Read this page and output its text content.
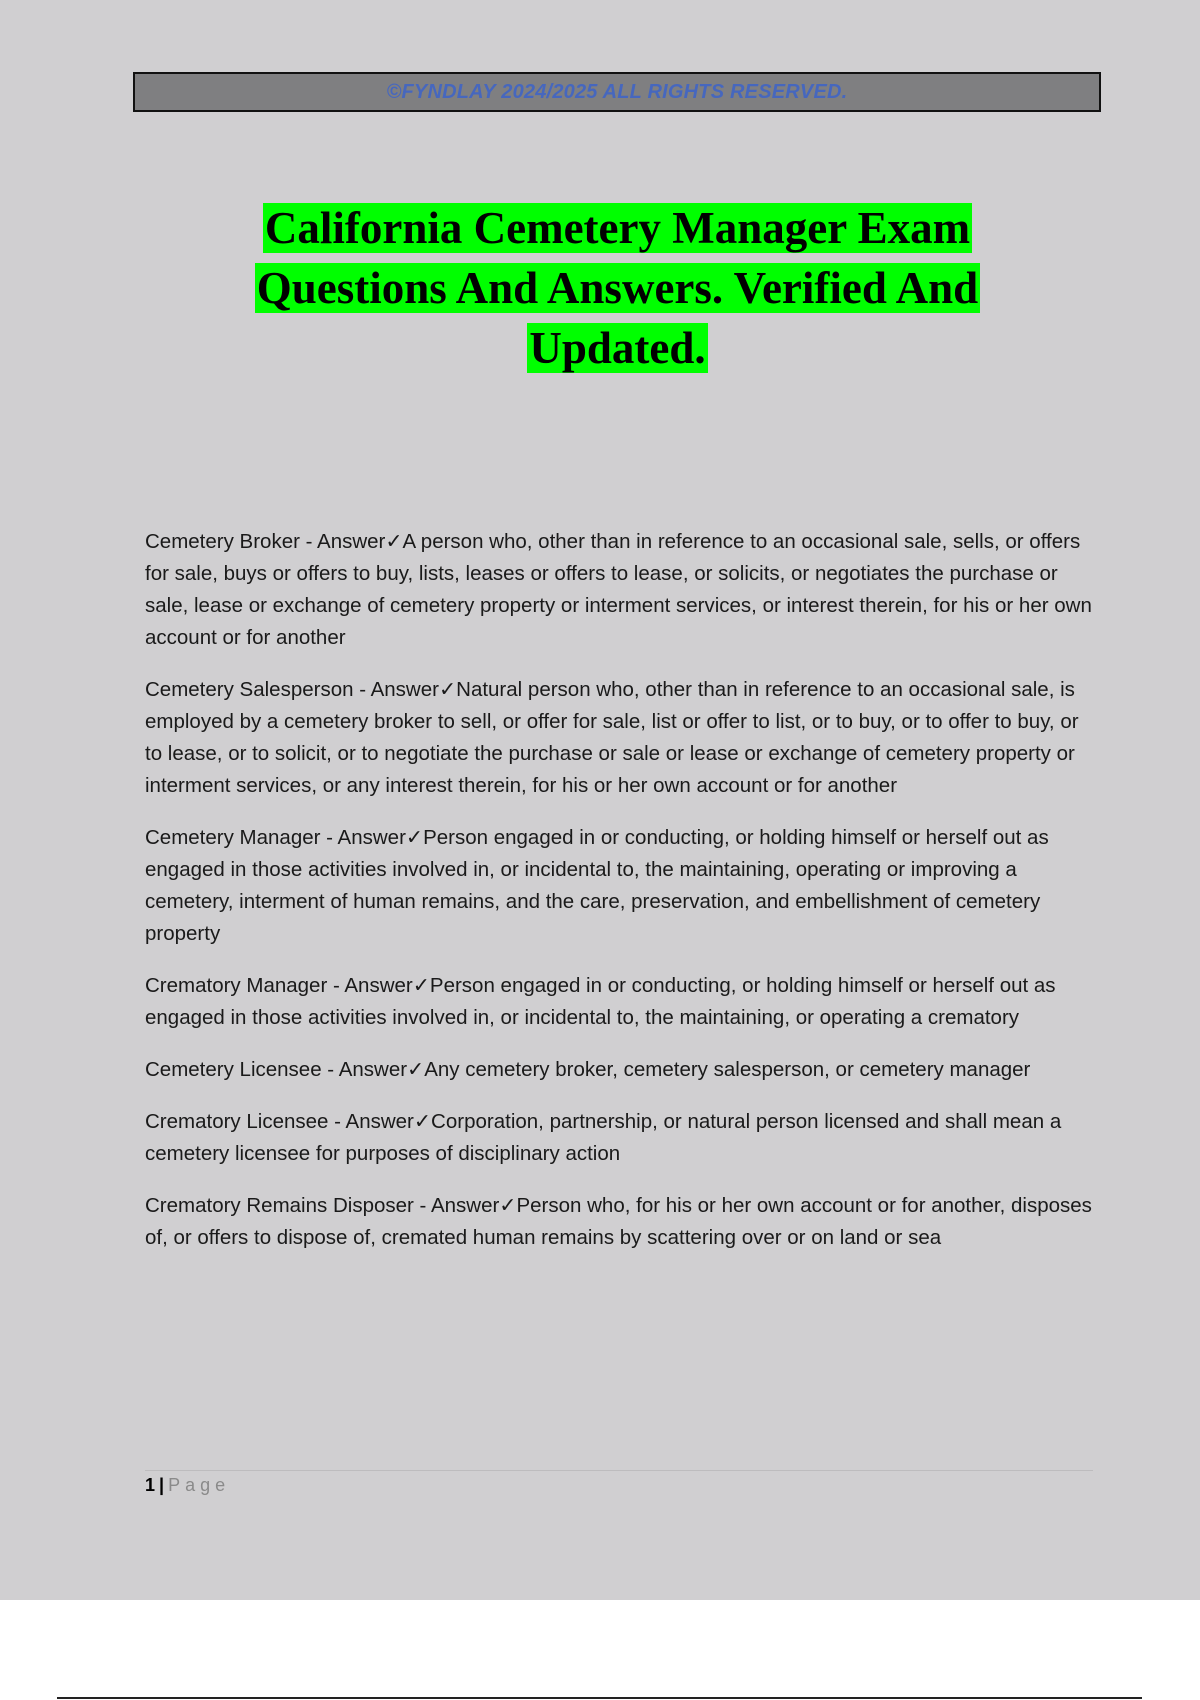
©FYNDLAY 2024/2025 ALL RIGHTS RESERVED.
California Cemetery Manager Exam
Questions And Answers. Verified And
Updated.

Cemetery Broker - Answer✓A person who, other than in reference to an occasional sale, sells, or offers for sale, buys or offers to buy, lists, leases or offers to lease, or solicits, or negotiates the purchase or sale, lease or exchange of cemetery property or interment services, or interest therein, for his or her own account or for another

Cemetery Salesperson - Answer✓Natural person who, other than in reference to an occasional sale, is employed by a cemetery broker to sell, or offer for sale, list or offer to list, or to buy, or to offer to buy, or to lease, or to solicit, or to negotiate the purchase or sale or lease or exchange of cemetery property or interment services, or any interest therein, for his or her own account or for another

Cemetery Manager - Answer✓Person engaged in or conducting, or holding himself or herself out as engaged in those activities involved in, or incidental to, the maintaining, operating or improving a cemetery, interment of human remains, and the care, preservation, and embellishment of cemetery property

Crematory Manager - Answer✓Person engaged in or conducting, or holding himself or herself out as engaged in those activities involved in, or incidental to, the maintaining, or operating a crematory

Cemetery Licensee - Answer✓Any cemetery broker, cemetery salesperson, or cemetery manager

Crematory Licensee - Answer✓Corporation, partnership, or natural person licensed and shall mean a cemetery licensee for purposes of disciplinary action

Crematory Remains Disposer - Answer✓Person who, for his or her own account or for another, disposes of, or offers to dispose of, cremated human remains by scattering over or on land or sea

1 | Page
